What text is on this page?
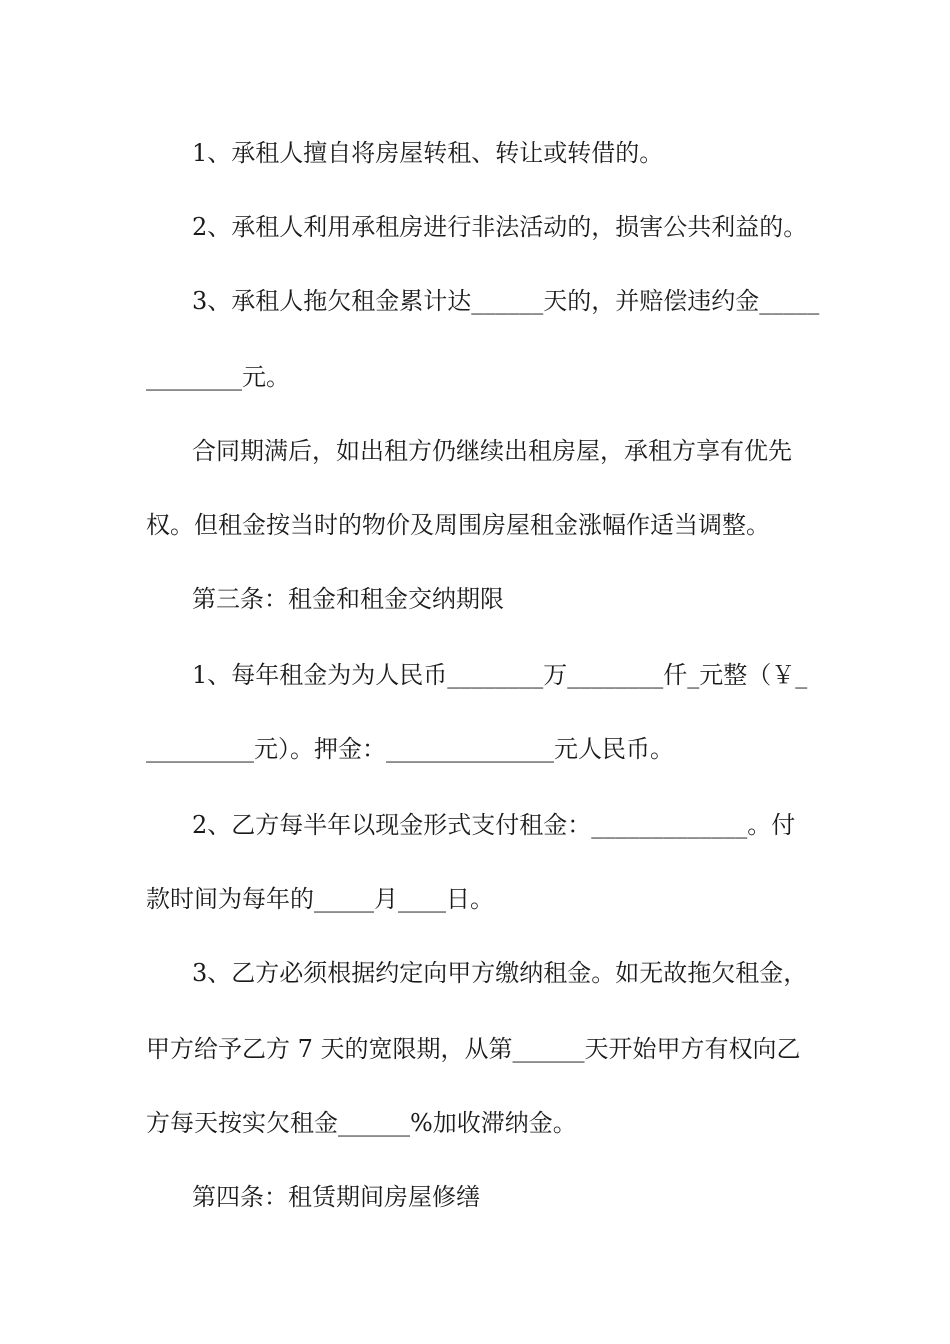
1、承租人擅自将房屋转租、转让或转借的。

2、承租人利用承租房进行非法活动的，损害公共利益的。

3、承租人拖欠租金累计达______天的，并赔偿违约金_____

________元。

合同期满后，如出租方仍继续出租房屋，承租方享有优先

权。但租金按当时的物价及周围房屋租金涨幅作适当调整。

第三条：租金和租金交纳期限

1、每年租金为为人民币________万________仟_元整（￥_

_________元）。押金：______________元人民币。

2、乙方每半年以现金形式支付租金：_____________。付

款时间为每年的_____月____日。

3、乙方必须根据约定向甲方缴纳租金。如无故拖欠租金，

甲方给予乙方 7 天的宽限期，从第______天开始甲方有权向乙

方每天按实欠租金______%加收滞纳金。

第四条：租赁期间房屋修缮
